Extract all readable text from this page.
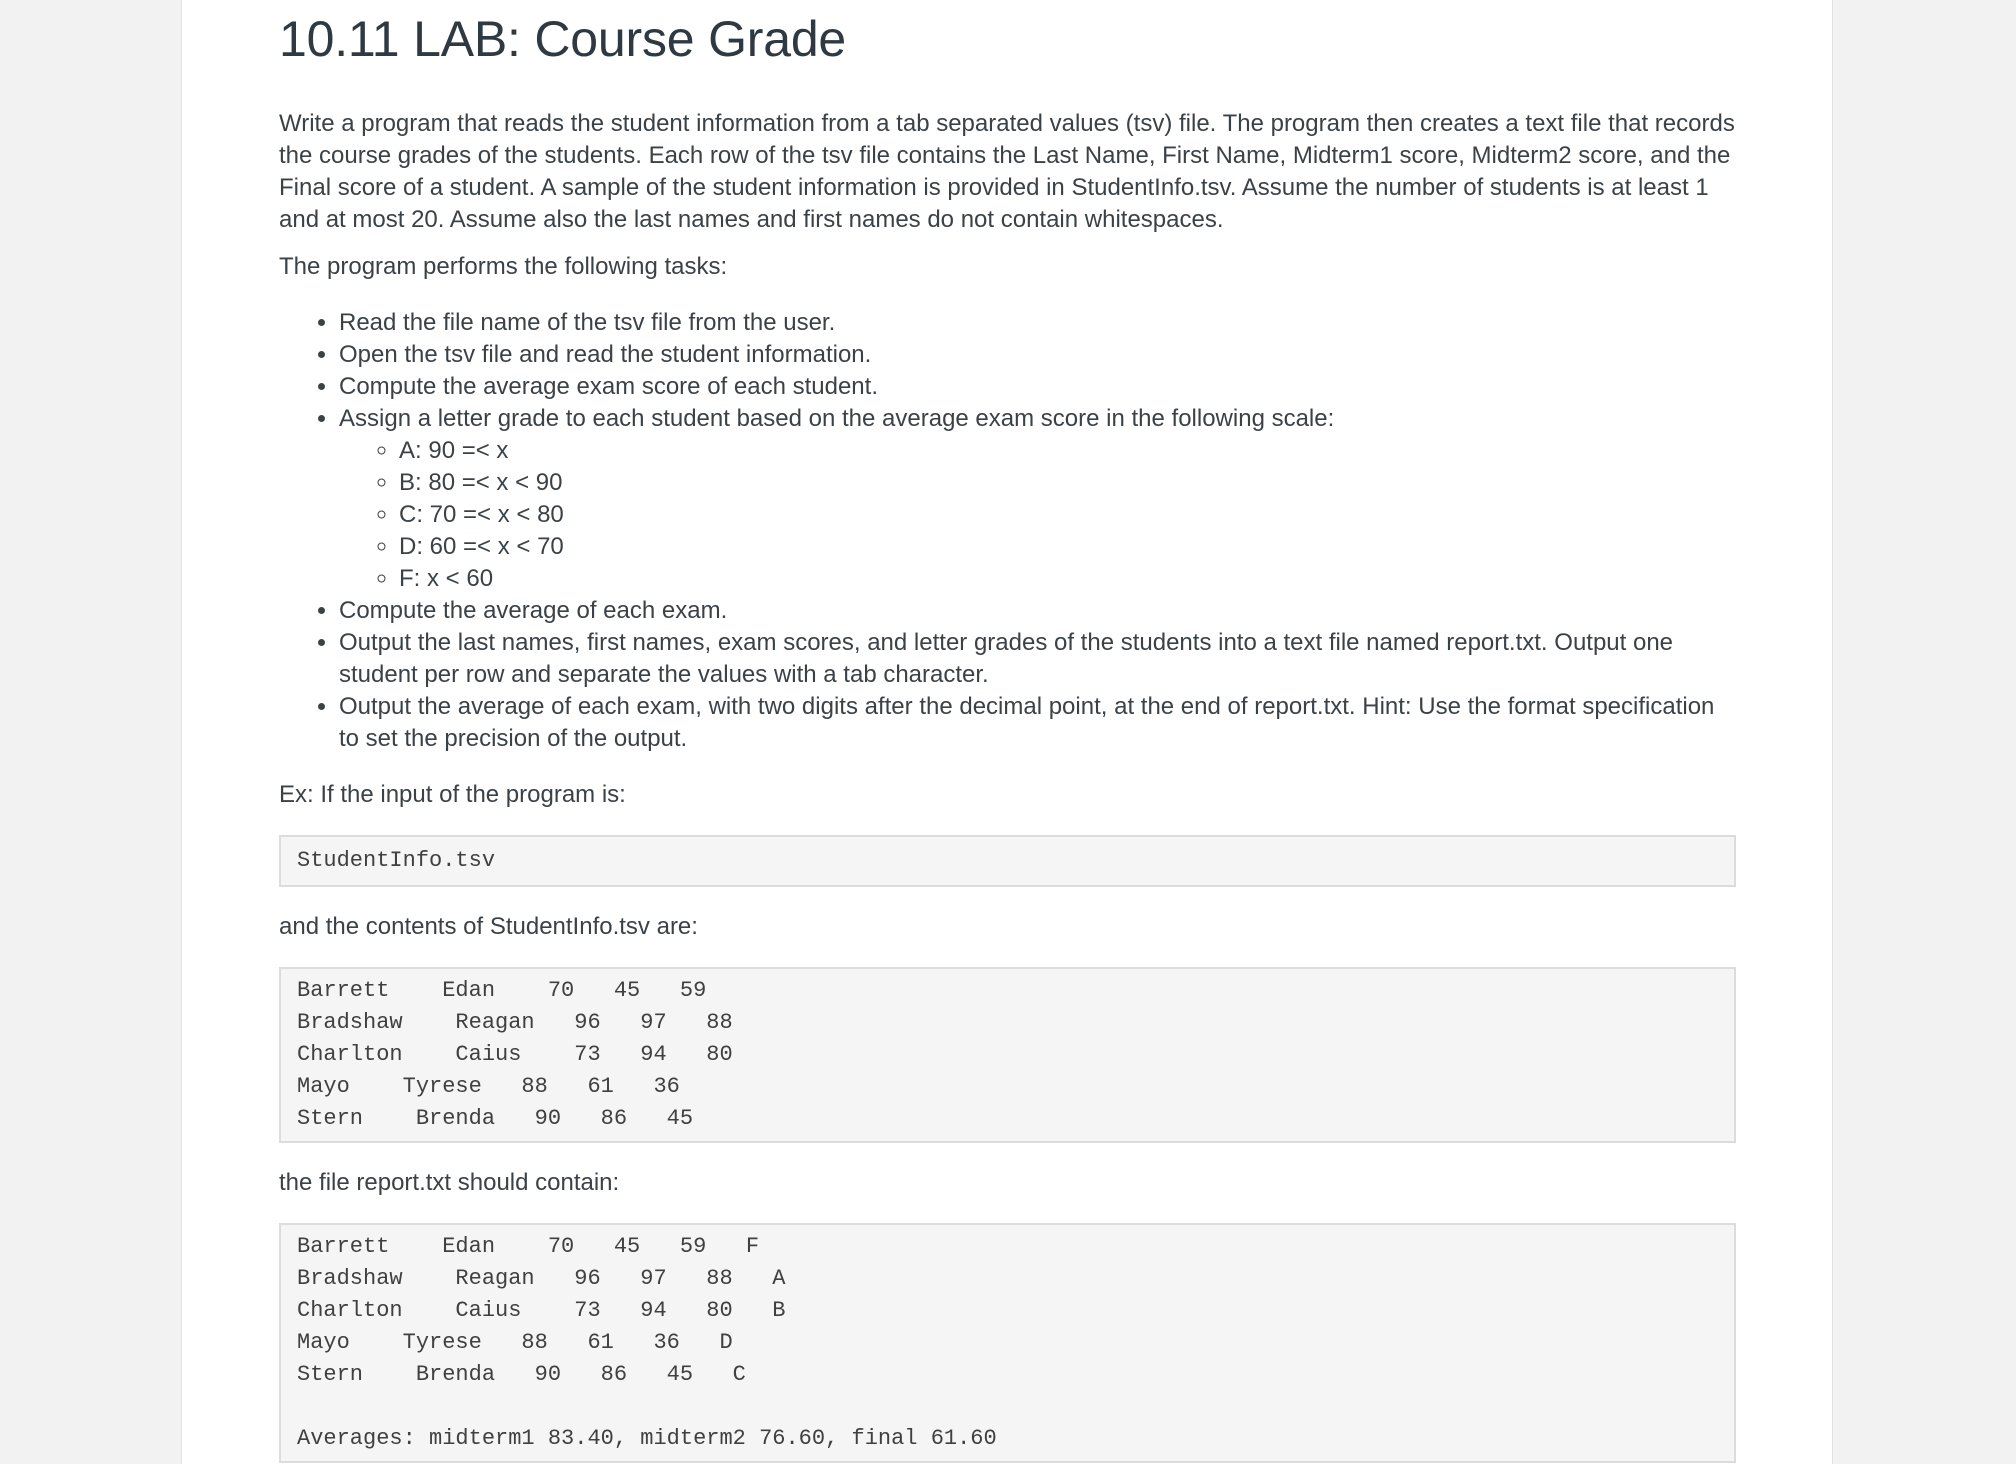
10.11 LAB: Course Grade

Write a program that reads the student information from a tab separated values (tsv) file. The program then creates a text file that records the course grades of the students. Each row of the tsv file contains the Last Name, First Name, Midterm1 score, Midterm2 score, and the Final score of a student. A sample of the student information is provided in StudentInfo.tsv. Assume the number of students is at least 1 and at most 20. Assume also the last names and first names do not contain whitespaces.

The program performs the following tasks:

• Read the file name of the tsv file from the user.
• Open the tsv file and read the student information.
• Compute the average exam score of each student.
• Assign a letter grade to each student based on the average exam score in the following scale:
◦ A: 90 =< x
◦ B: 80 =< x < 90
◦ C: 70 =< x < 80
◦ D: 60 =< x < 70
◦ F: x < 60
• Compute the average of each exam.
• Output the last names, first names, exam scores, and letter grades of the students into a text file named report.txt. Output one student per row and separate the values with a tab character.
• Output the average of each exam, with two digits after the decimal point, at the end of report.txt. Hint: Use the format specification to set the precision of the output.

Ex: If the input of the program is:

StudentInfo.tsv

and the contents of StudentInfo.tsv are:

Barrett    Edan    70   45   59
Bradshaw    Reagan   96   97   88
Charlton    Caius    73   94   80
Mayo    Tyrese   88   61   36
Stern    Brenda   90   86   45

the file report.txt should contain:

Barrett    Edan    70   45   59   F
Bradshaw    Reagan   96   97   88   A
Charlton    Caius    73   94   80   B
Mayo    Tyrese   88   61   36   D
Stern    Brenda   90   86   45   C
Averages: midterm1 83.40, midterm2 76.60, final 61.60
